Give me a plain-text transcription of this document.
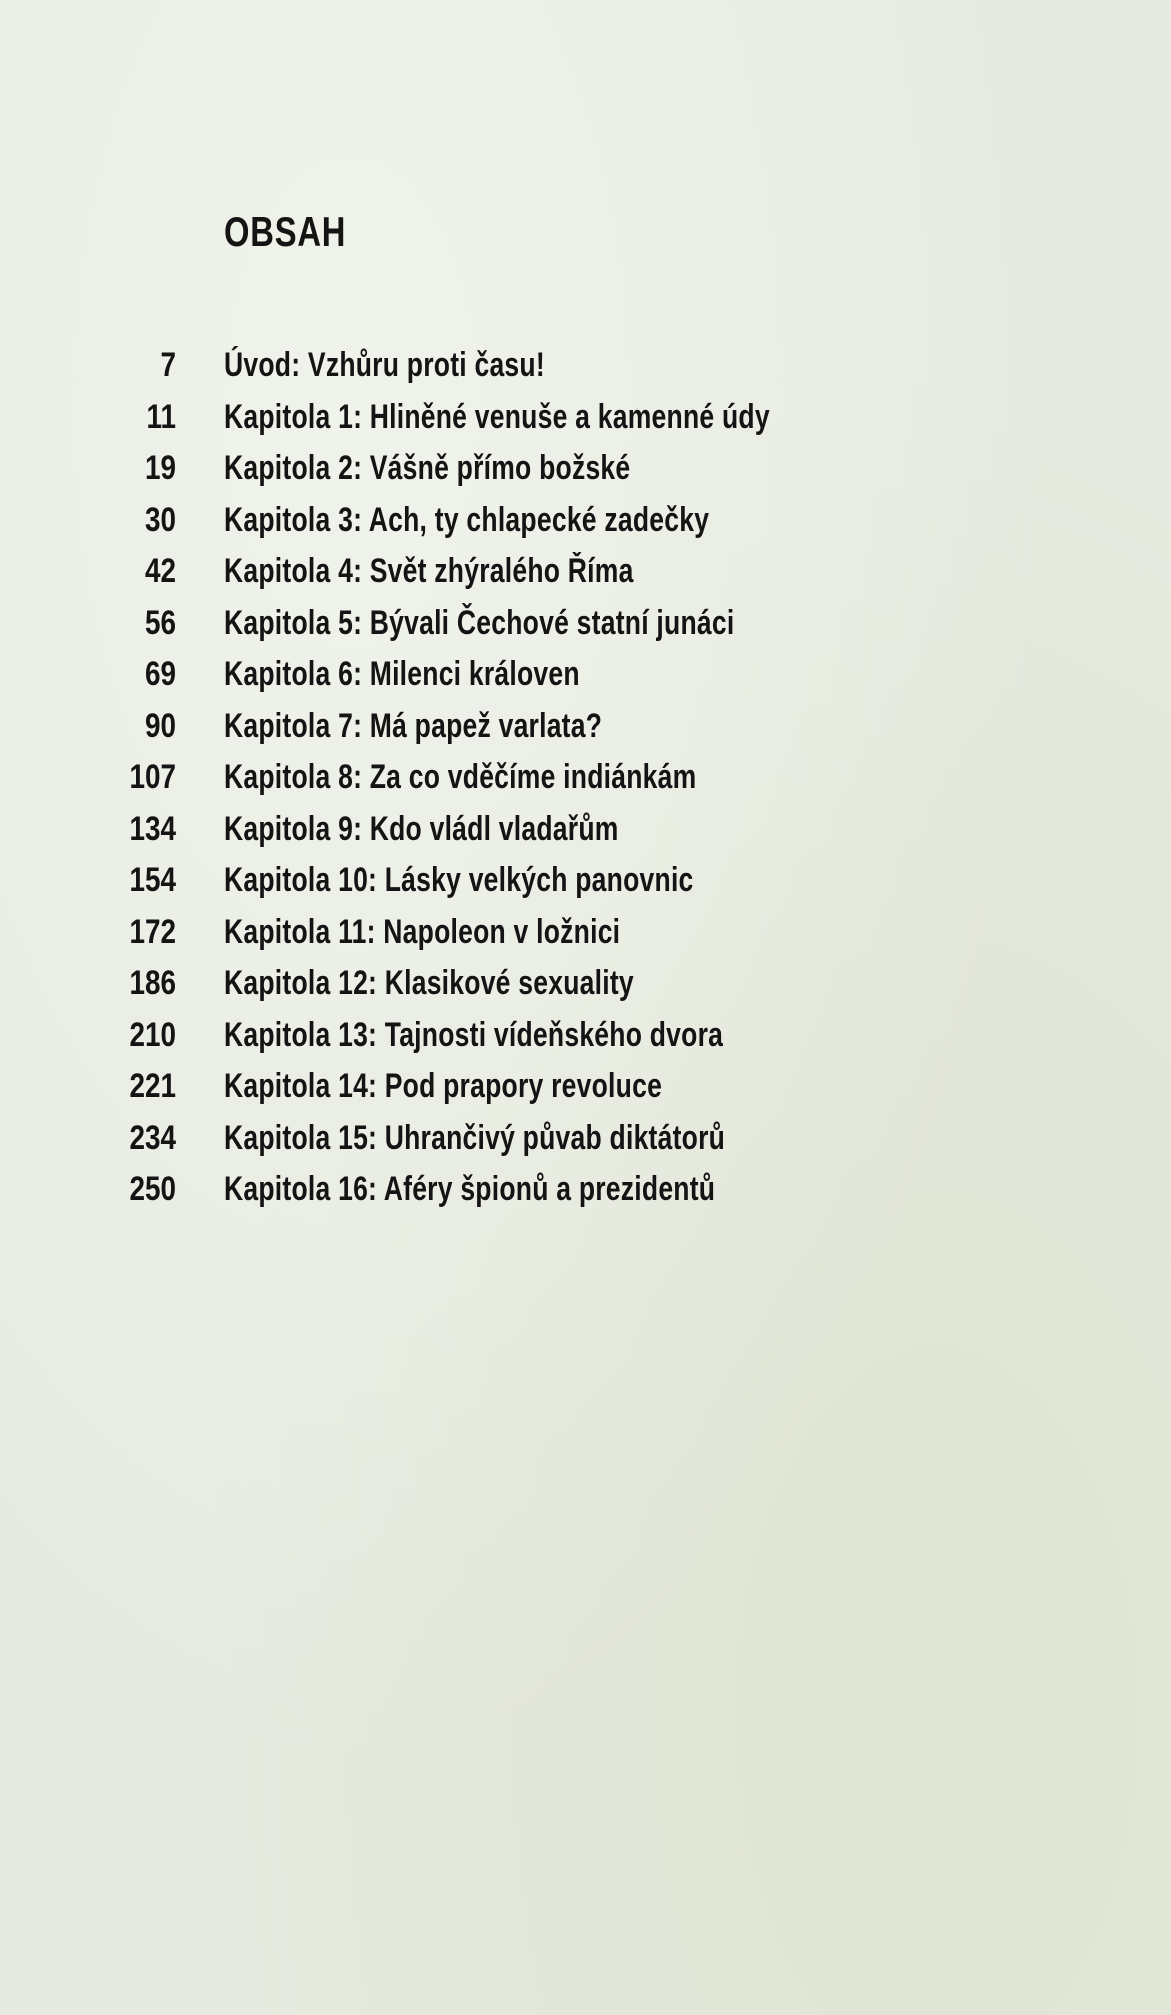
OBSAH
7 Úvod: Vzhůru proti času!
11 Kapitola 1: Hliněné venuše a kamenné údy
19 Kapitola 2: Vášně přímo božské
30 Kapitola 3: Ach, ty chlapecké zadečky
42 Kapitola 4: Svět zhýralého Říma
56 Kapitola 5: Bývali Čechové statní junáci
69 Kapitola 6: Milenci královen
90 Kapitola 7: Má papež varlata?
107 Kapitola 8: Za co vděčíme indiánkám
134 Kapitola 9: Kdo vládl vladařům
154 Kapitola 10: Lásky velkých panovnic
172 Kapitola 11: Napoleon v ložnici
186 Kapitola 12: Klasikové sexuality
210 Kapitola 13: Tajnosti vídeňského dvora
221 Kapitola 14: Pod prapory revoluce
234 Kapitola 15: Uhrančivý půvab diktátorů
250 Kapitola 16: Aféry špionů a prezidentů
